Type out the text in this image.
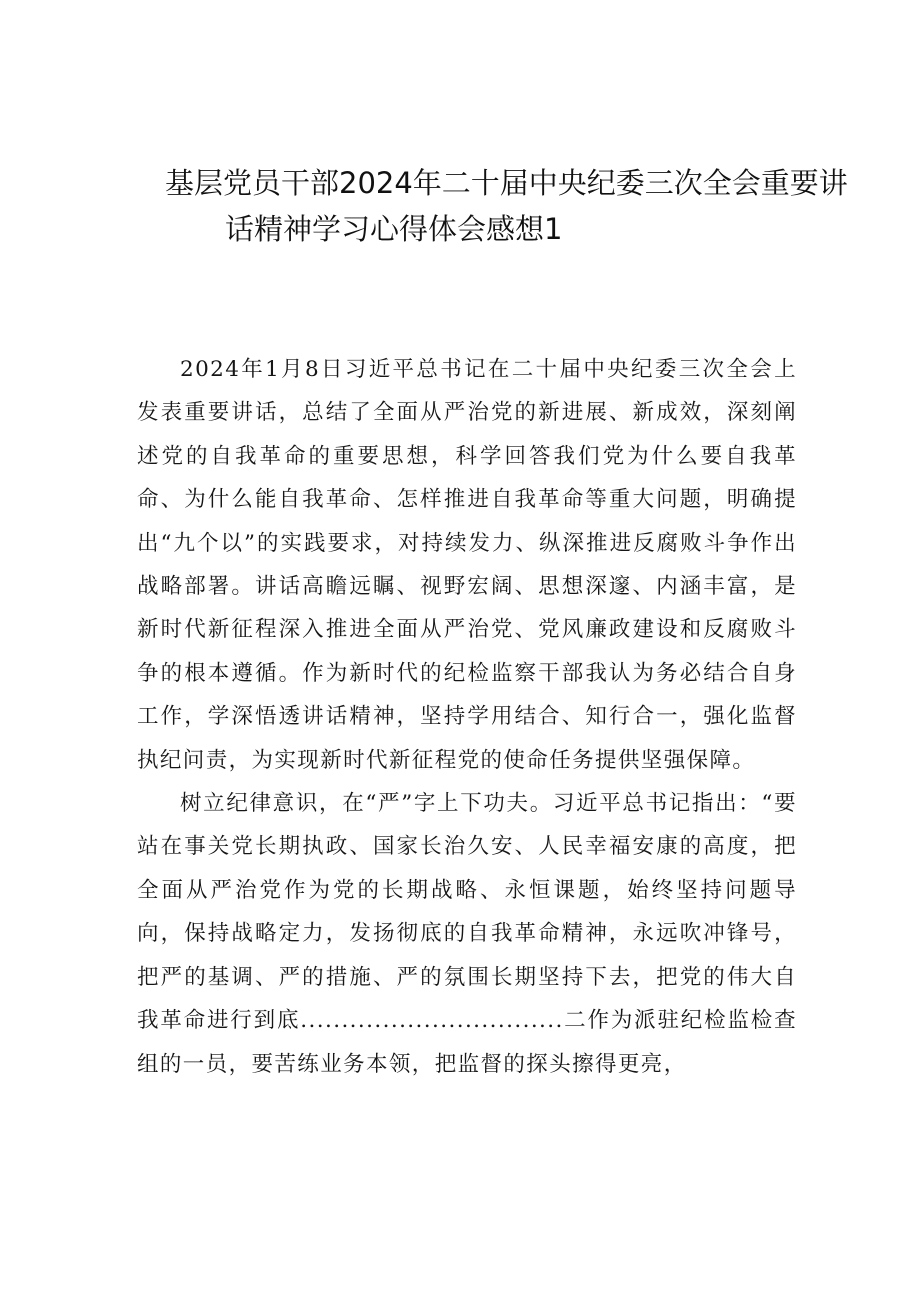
基层党员干部2024年二十届中央纪委三次全会重要讲
话精神学习心得体会感想1

2024年1月8日习近平总书记在二十届中央纪委三次全会上发表重要讲话，总结了全面从严治党的新进展、新成效，深刻阐述党的自我革命的重要思想，科学回答我们党为什么要自我革命、为什么能自我革命、怎样推进自我革命等重大问题，明确提出“九个以”的实践要求，对持续发力、纵深推进反腐败斗争作出战略部署。讲话高瞻远瞩、视野宏阔、思想深邃、内涵丰富，是新时代新征程深入推进全面从严治党、党风廉政建设和反腐败斗争的根本遵循。作为新时代的纪检监察干部我认为务必结合自身工作，学深悟透讲话精神，坚持学用结合、知行合一，强化监督执纪问责，为实现新时代新征程党的使命任务提供坚强保障。

树立纪律意识，在“严”字上下功夫。习近平总书记指出：“要站在事关党长期执政、国家长治久安、人民幸福安康的高度，把全面从严治党作为党的长期战略、永恒课题，始终坚持问题导向，保持战略定力，发扬彻底的自我革命精神，永远吹冲锋号，把严的基调、严的措施、严的氛围长期坚持下去，把党的伟大自我革命进行到底................................二作为派驻纪检监检查组的一员，要苦练业务本领，把监督的探头擦得更亮，
